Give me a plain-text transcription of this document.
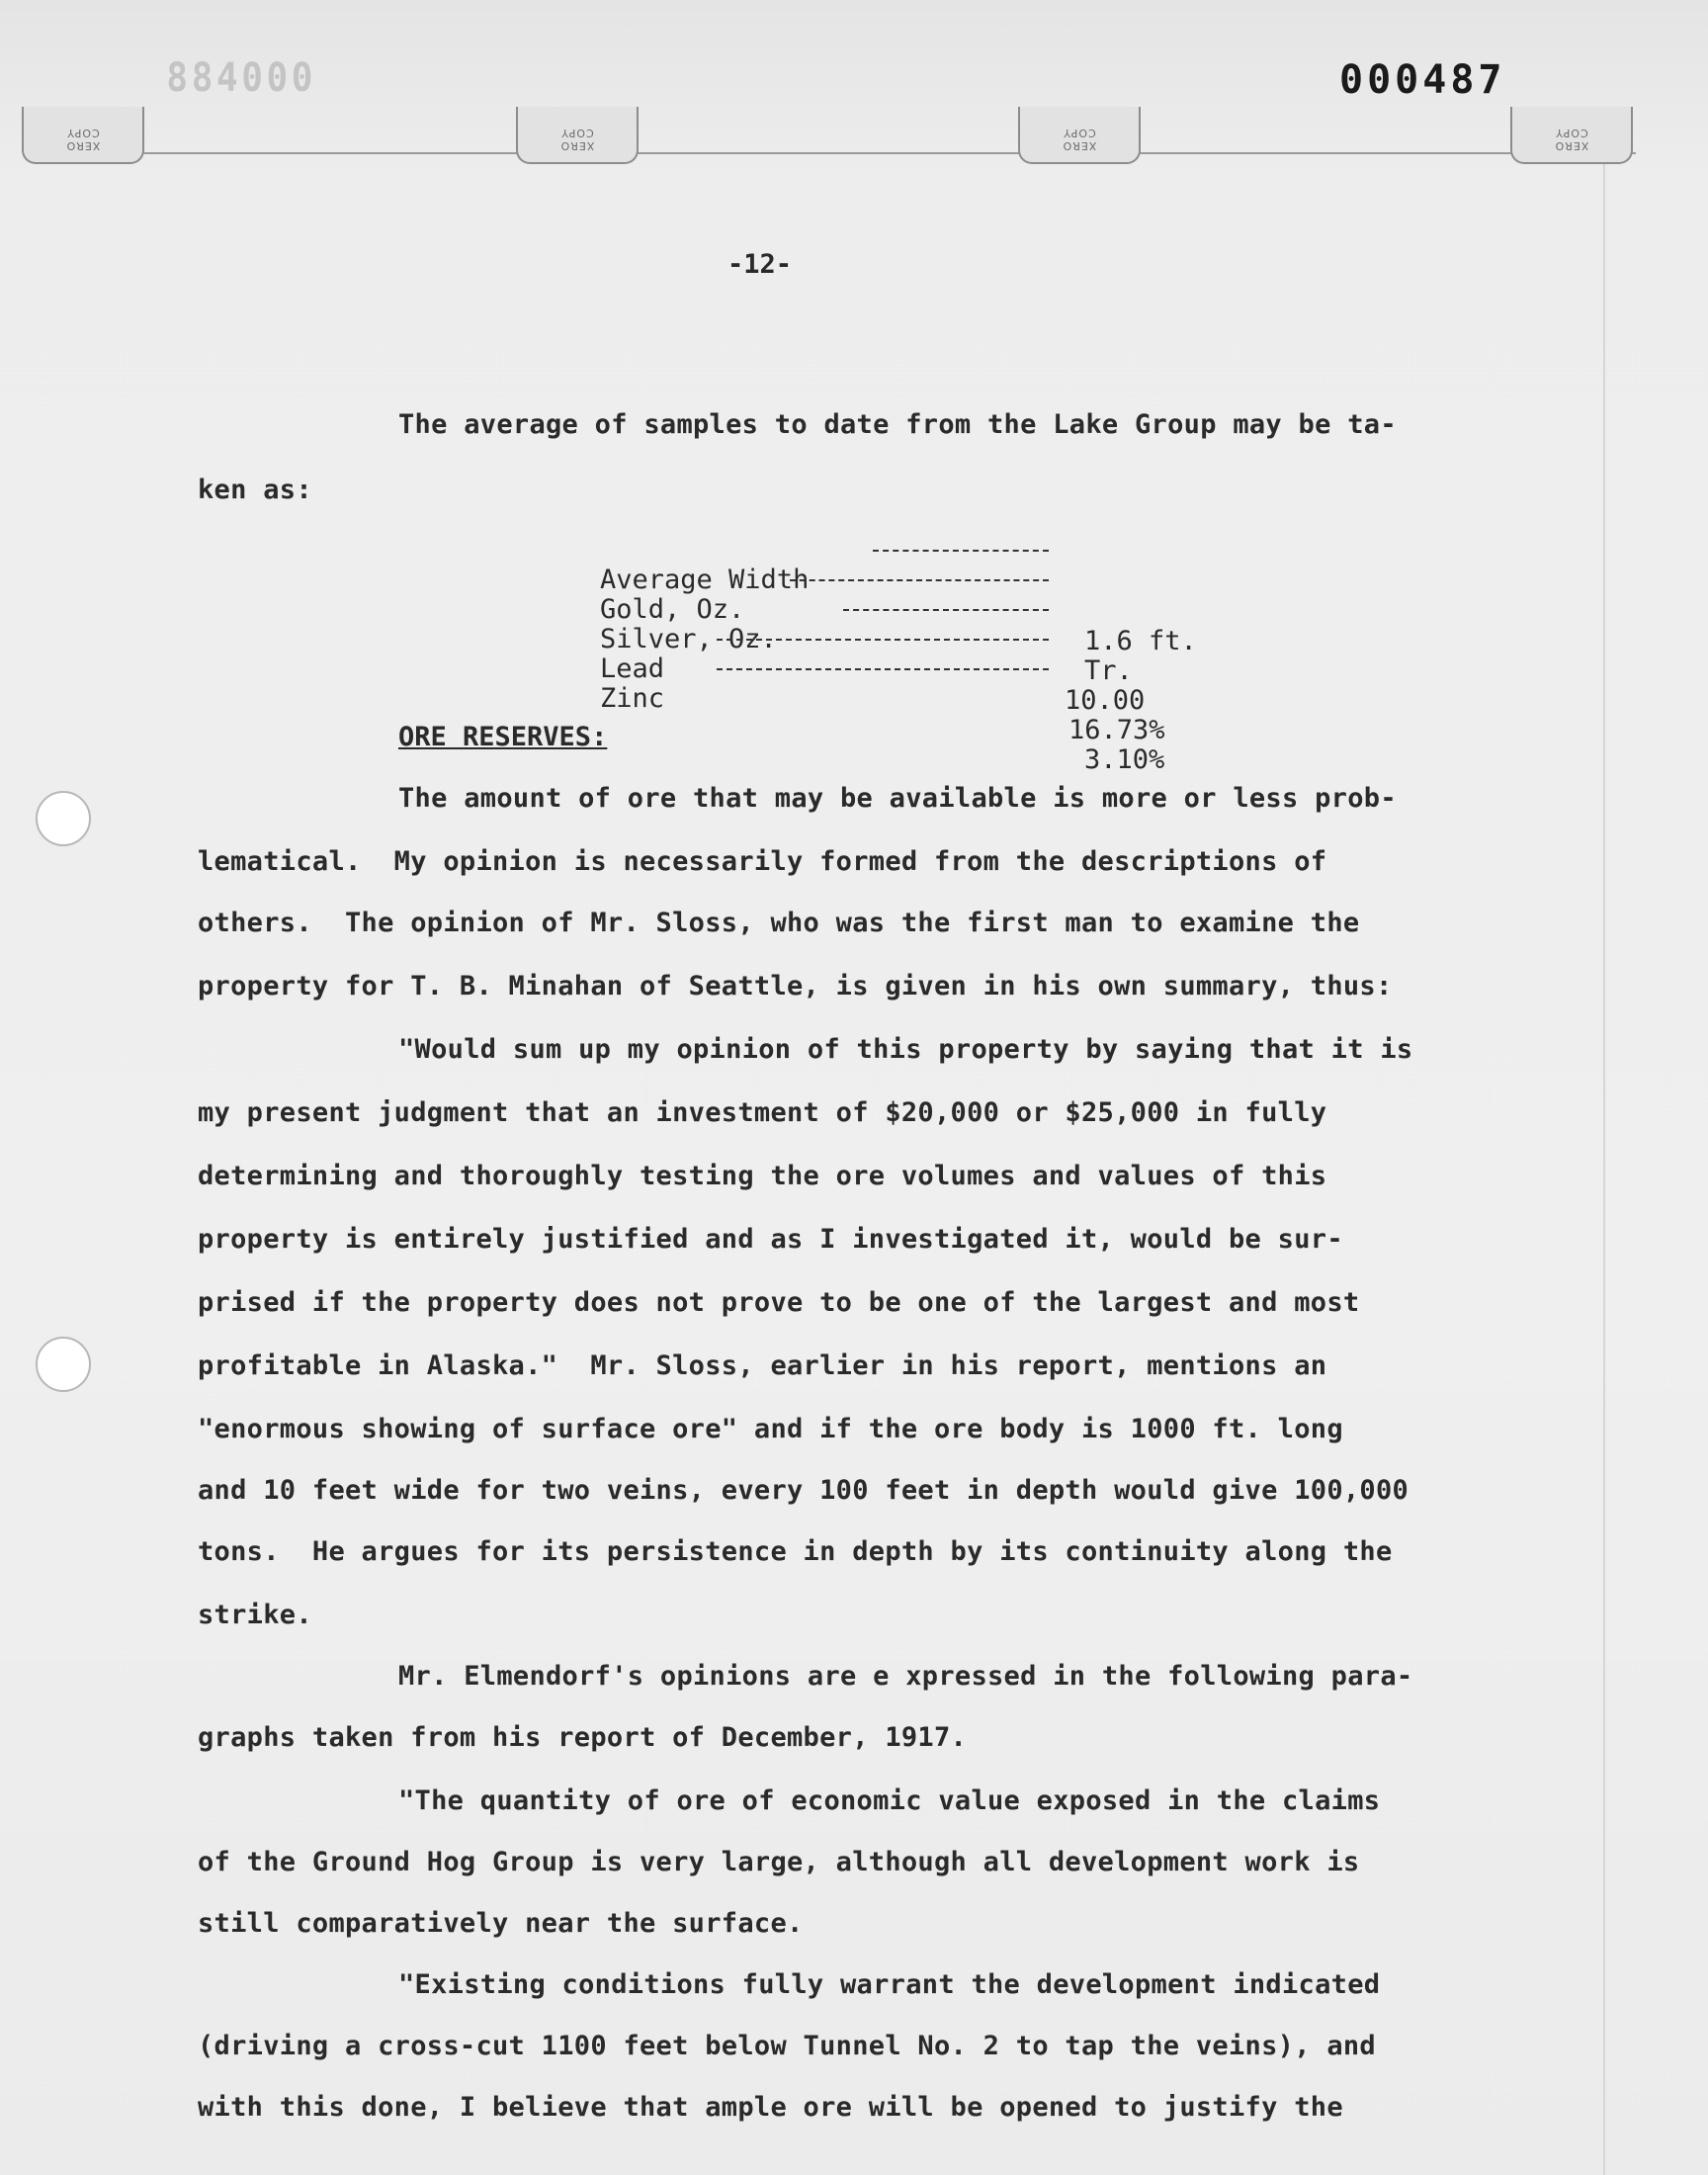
884000	000487
XERO
COPY
XERO
COPY
XERO
COPY
XERO
COPY
-12-
The average of samples to date from the Lake Group may be ta-
ken as:

Average Width

1.6 ft.

Gold, Oz.

Tr.

Silver, Oz.

10.00

Lead

16.73%

Zinc

3.10%

ORE RESERVES:
The amount of ore that may be available is more or less prob-
lematical.  My opinion is necessarily formed from the descriptions of
others.  The opinion of Mr. Sloss, who was the first man to examine the
property for T. B. Minahan of Seattle, is given in his own summary, thus:
"Would sum up my opinion of this property by saying that it is
my present judgment that an investment of $20,000 or $25,000 in fully
determining and thoroughly testing the ore volumes and values of this
property is entirely justified and as I investigated it, would be sur-
prised if the property does not prove to be one of the largest and most
profitable in Alaska."  Mr. Sloss, earlier in his report, mentions an
"enormous showing of surface ore" and if the ore body is 1000 ft. long
and 10 feet wide for two veins, every 100 feet in depth would give 100,000
tons.  He argues for its persistence in depth by its continuity along the
strike.
Mr. Elmendorf's opinions are e xpressed in the following para-
graphs taken from his report of December, 1917.
"The quantity of ore of economic value exposed in the claims
of the Ground Hog Group is very large, although all development work is
still comparatively near the surface.
"Existing conditions fully warrant the development indicated
(driving a cross-cut 1100 feet below Tunnel No. 2 to tap the veins), and
with this done, I believe that ample ore will be opened to justify the
